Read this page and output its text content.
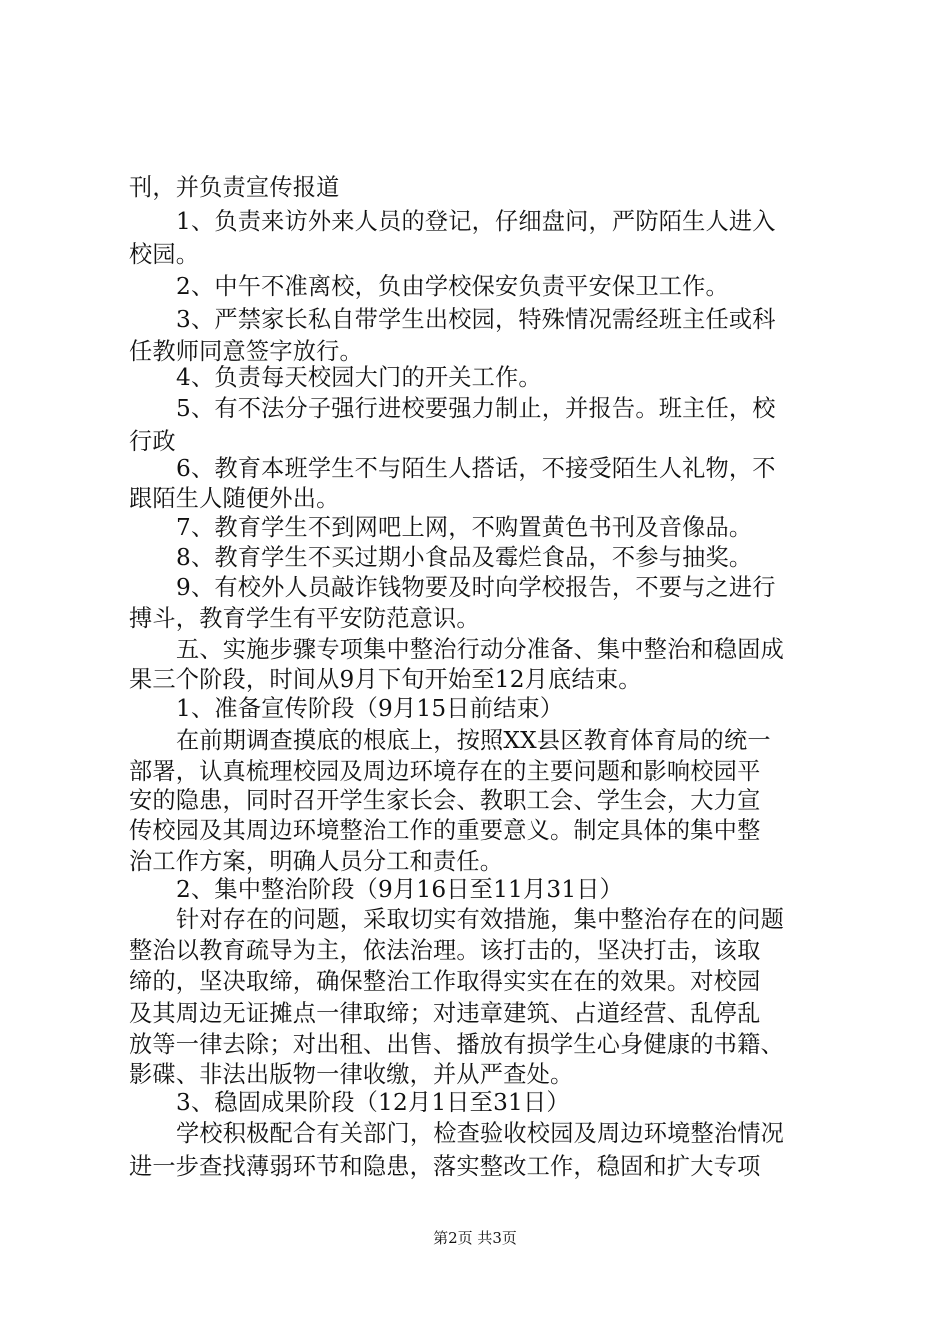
刊，并负责宣传报道
1、负责来访外来人员的登记，仔细盘问，严防陌生人进入
校园。
2、中午不准离校，负由学校保安负责平安保卫工作。
3、严禁家长私自带学生出校园，特殊情况需经班主任或科
任教师同意签字放行。
4、负责每天校园大门的开关工作。
5、有不法分子强行进校要强力制止，并报告。班主任，校
行政
6、教育本班学生不与陌生人搭话，不接受陌生人礼物，不
跟陌生人随便外出。
7、教育学生不到网吧上网，不购置黄色书刊及音像品。
8、教育学生不买过期小食品及霉烂食品，不参与抽奖。
9、有校外人员敲诈钱物要及时向学校报告，不要与之进行
搏斗，教育学生有平安防范意识。
五、实施步骤专项集中整治行动分准备、集中整治和稳固成
果三个阶段，时间从9月下旬开始至12月底结束。
1、准备宣传阶段（9月15日前结束）
在前期调查摸底的根底上，按照XX县区教育体育局的统一
部署，认真梳理校园及周边环境存在的主要问题和影响校园平
安的隐患，同时召开学生家长会、教职工会、学生会，大力宣
传校园及其周边环境整治工作的重要意义。制定具体的集中整
治工作方案，明确人员分工和责任。
2、集中整治阶段（9月16日至11月31日）
针对存在的问题，采取切实有效措施，集中整治存在的问题
整治以教育疏导为主，依法治理。该打击的，坚决打击，该取
缔的，坚决取缔，确保整治工作取得实实在在的效果。对校园
及其周边无证摊点一律取缔；对违章建筑、占道经营、乱停乱
放等一律去除；对出租、出售、播放有损学生心身健康的书籍、
影碟、非法出版物一律收缴，并从严查处。
3、稳固成果阶段（12月1日至31日）
学校积极配合有关部门，检查验收校园及周边环境整治情况
进一步查找薄弱环节和隐患，落实整改工作，稳固和扩大专项
第2页 共3页
